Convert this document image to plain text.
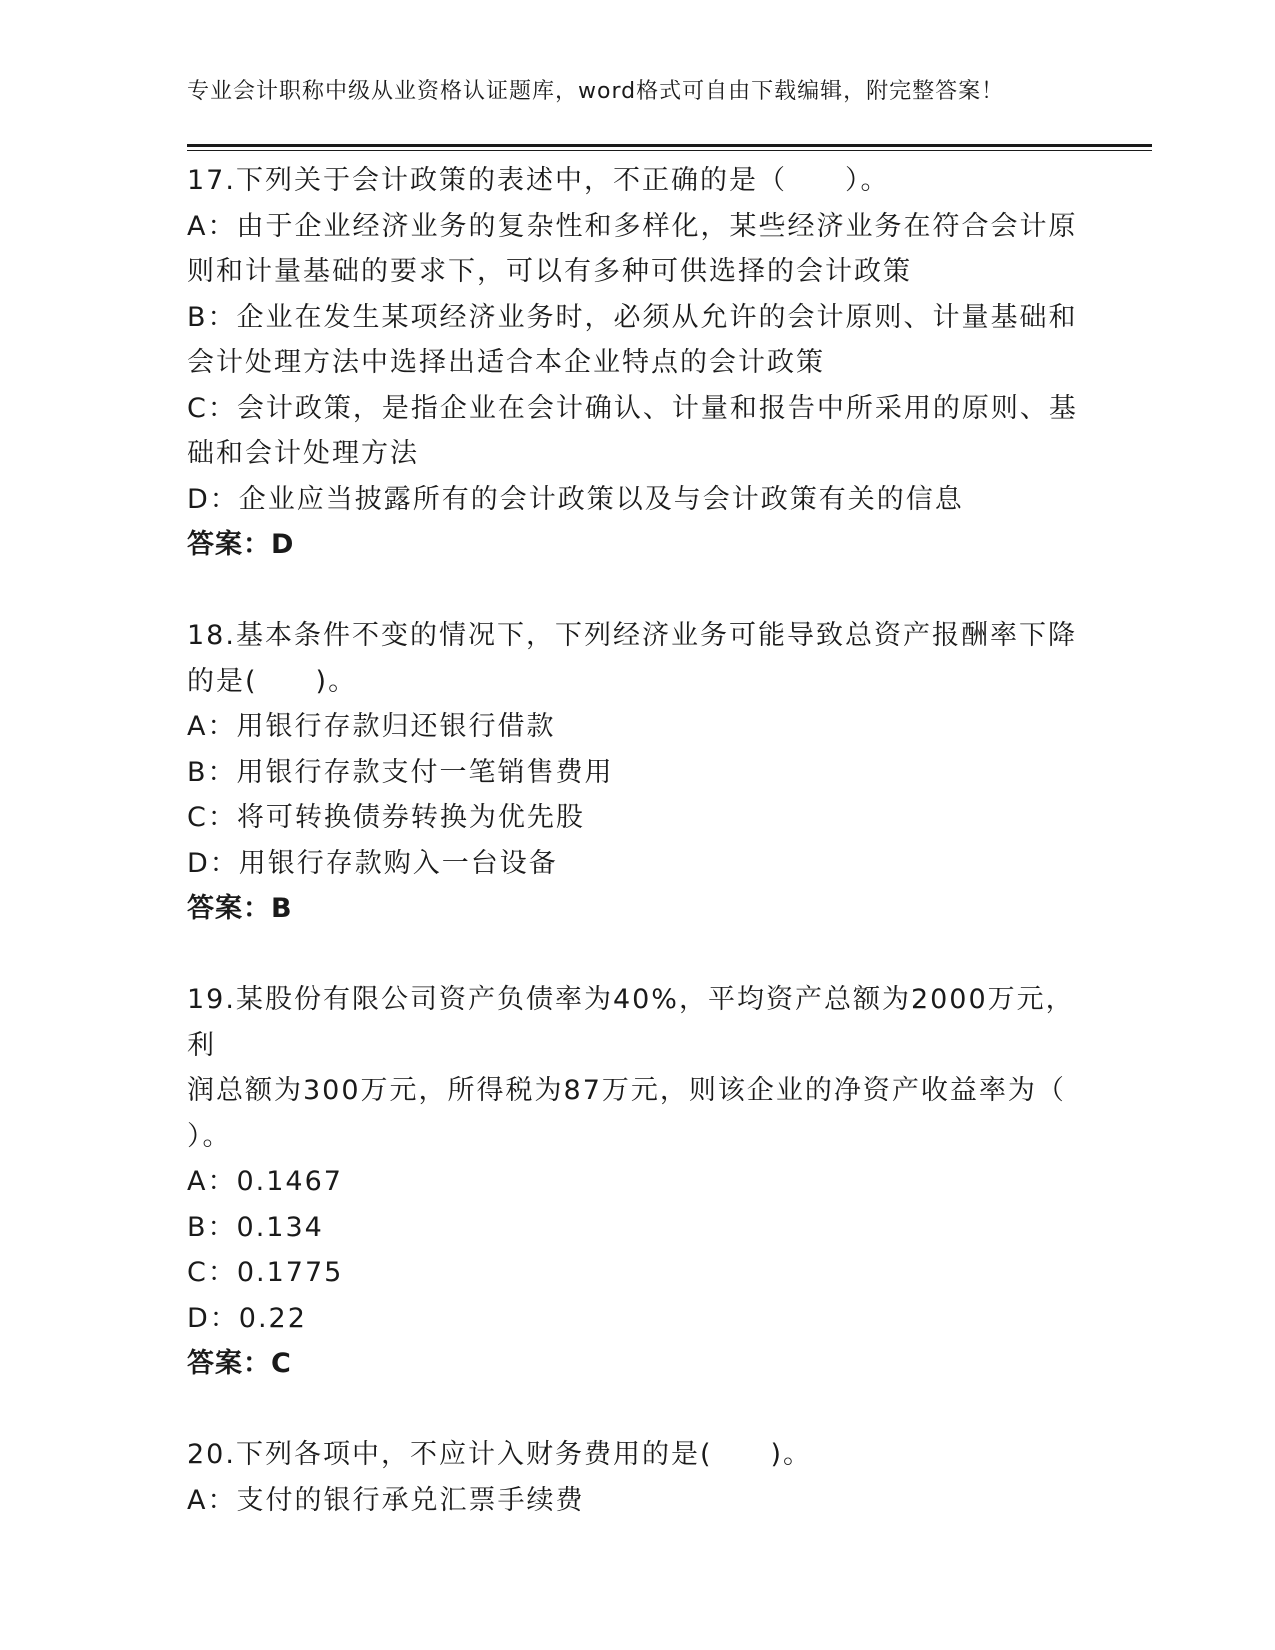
专业会计职称中级从业资格认证题库，word格式可自由下载编辑，附完整答案！

17.下列关于会计政策的表述中，不正确的是（　　）。

A：由于企业经济业务的复杂性和多样化，某些经济业务在符合会计原

则和计量基础的要求下，可以有多种可供选择的会计政策

B：企业在发生某项经济业务时，必须从允许的会计原则、计量基础和

会计处理方法中选择出适合本企业特点的会计政策

C：会计政策，是指企业在会计确认、计量和报告中所采用的原则、基

础和会计处理方法

D：企业应当披露所有的会计政策以及与会计政策有关的信息

答案：D

18.基本条件不变的情况下，下列经济业务可能导致总资产报酬率下降

的是(　　)。

A：用银行存款归还银行借款

B：用银行存款支付一笔销售费用

C：将可转换债券转换为优先股

D：用银行存款购入一台设备

答案：B

19.某股份有限公司资产负债率为40%，平均资产总额为2000万元，利

润总额为300万元，所得税为87万元，则该企业的净资产收益率为（

）。

A：0.1467

B：0.134

C：0.1775

D：0.22

答案：C

20.下列各项中，不应计入财务费用的是(　　)。

A：支付的银行承兑汇票手续费
